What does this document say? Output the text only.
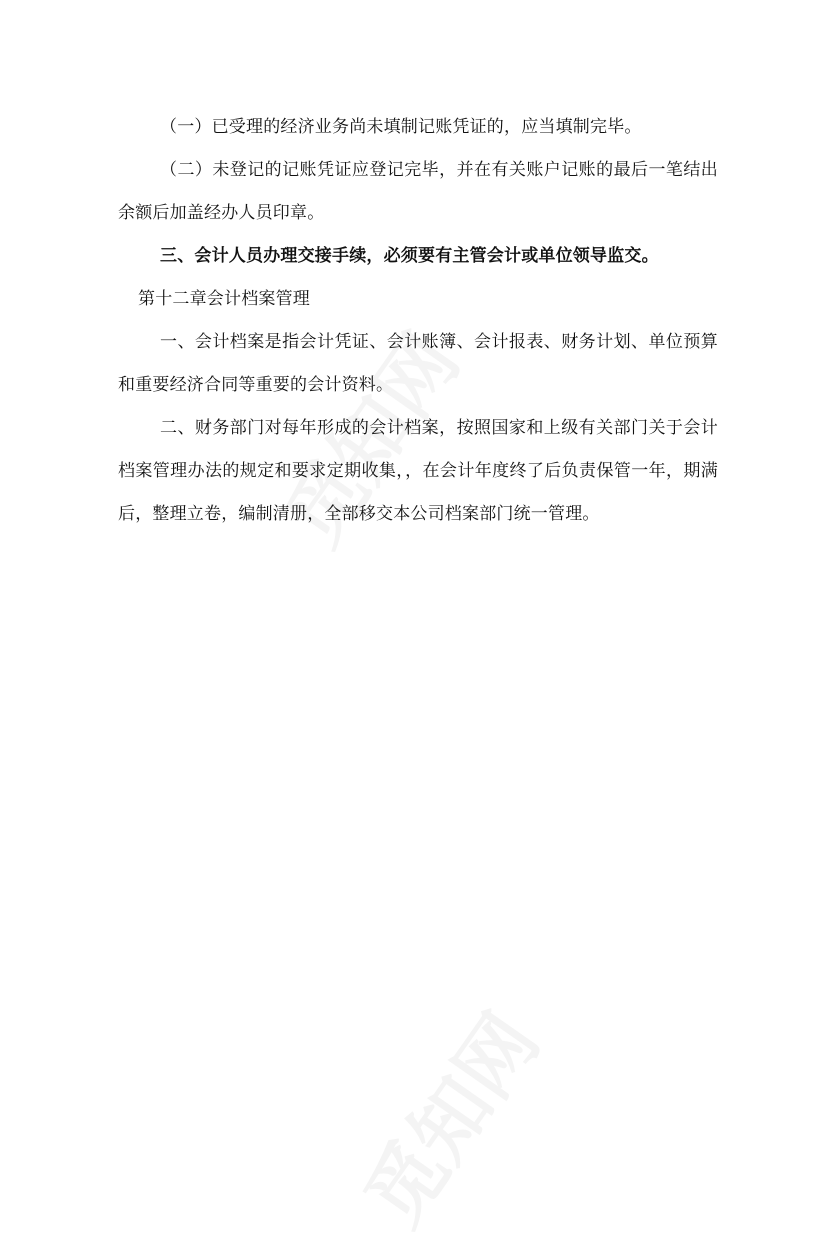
（一）已受理的经济业务尚未填制记账凭证的，应当填制完毕。

（二）未登记的记账凭证应登记完毕，并在有关账户记账的最后一笔结出余额后加盖经办人员印章。

三、会计人员办理交接手续，必须要有主管会计或单位领导监交。

第十二章会计档案管理

一、会计档案是指会计凭证、会计账簿、会计报表、财务计划、单位预算和重要经济合同等重要的会计资料。

二、财务部门对每年形成的会计档案，按照国家和上级有关部门关于会计档案管理办法的规定和要求定期收集，，在会计年度终了后负责保管一年，期满后，整理立卷，编制清册，全部移交本公司档案部门统一管理。
